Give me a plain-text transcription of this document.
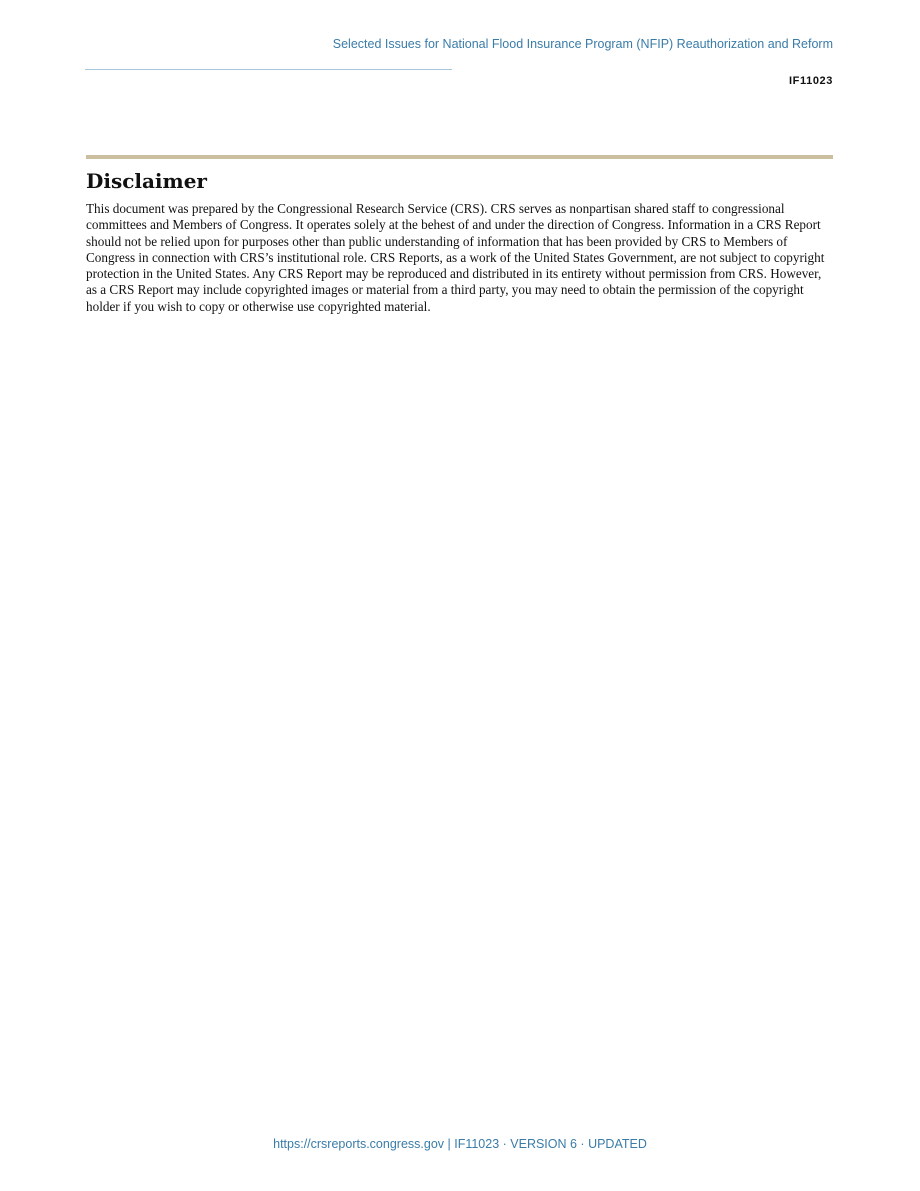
Selected Issues for National Flood Insurance Program (NFIP) Reauthorization and Reform
IF11023
Disclaimer

This document was prepared by the Congressional Research Service (CRS). CRS serves as nonpartisan shared staff to congressional committees and Members of Congress. It operates solely at the behest of and under the direction of Congress. Information in a CRS Report should not be relied upon for purposes other than public understanding of information that has been provided by CRS to Members of Congress in connection with CRS’s institutional role. CRS Reports, as a work of the United States Government, are not subject to copyright protection in the United States. Any CRS Report may be reproduced and distributed in its entirety without permission from CRS. However, as a CRS Report may include copyrighted images or material from a third party, you may need to obtain the permission of the copyright holder if you wish to copy or otherwise use copyrighted material.

https://crsreports.congress.gov | IF11023 · VERSION 6 · UPDATED
